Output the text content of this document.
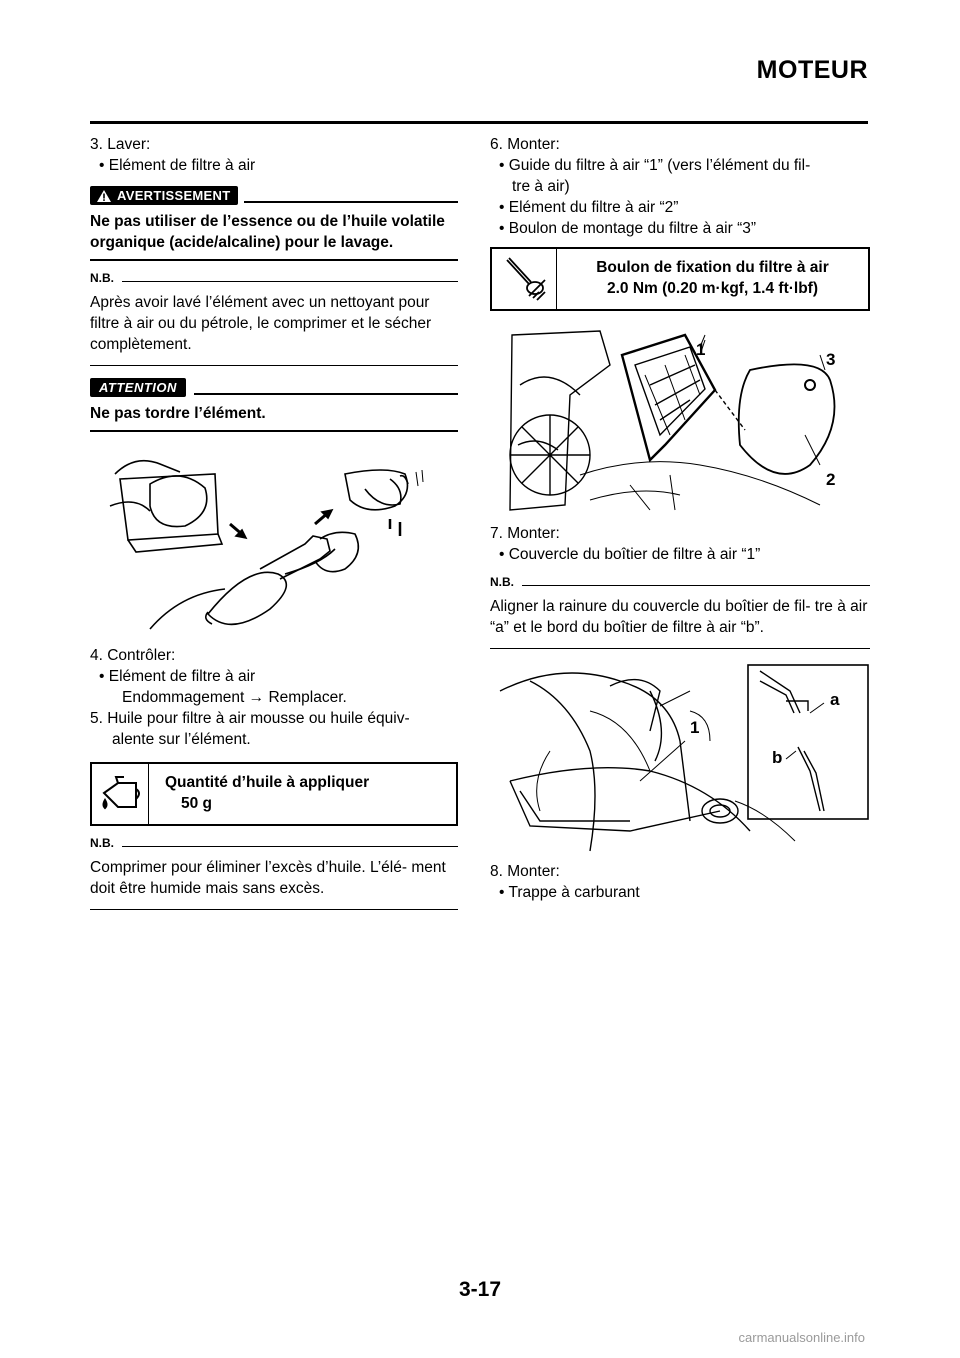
MOTEUR
3. Laver:
• Elément de filtre à air
AVERTISSEMENT
Ne pas utiliser de l’essence ou de l’huile volatile organique (acide/alcaline) pour le lavage.
N.B.
Après avoir lavé l’élément avec un nettoyant pour filtre à air ou du pétrole, le comprimer et le sécher complètement.
ATTENTION
Ne pas tordre l’élément.
4. Contrôler:
• Elément de filtre à air
Endommagement → Remplacer.
5. Huile pour filtre à air mousse ou huile équiv-
alente sur l’élément.
Quantité d’huile à appliquer
50 g
N.B.
Comprimer pour éliminer l’excès d’huile. L’élé- ment doit être humide mais sans excès.
6. Monter:
• Guide du filtre à air “1” (vers l’élément du fil-
tre à air)
• Elément du filtre à air “2”
• Boulon de montage du filtre à air “3”
Boulon de fixation du filtre à air
2.0 Nm (0.20 m·kgf, 1.4 ft·lbf)
1
3
2
7. Monter:
• Couvercle du boîtier de filtre à air “1”
N.B.
Aligner la rainure du couvercle du boîtier de fil- tre à air “a” et le bord du boîtier de filtre à air “b”.
1
a
b
8. Monter:
• Trappe à carburant
3-17
carmanualsonline.info
